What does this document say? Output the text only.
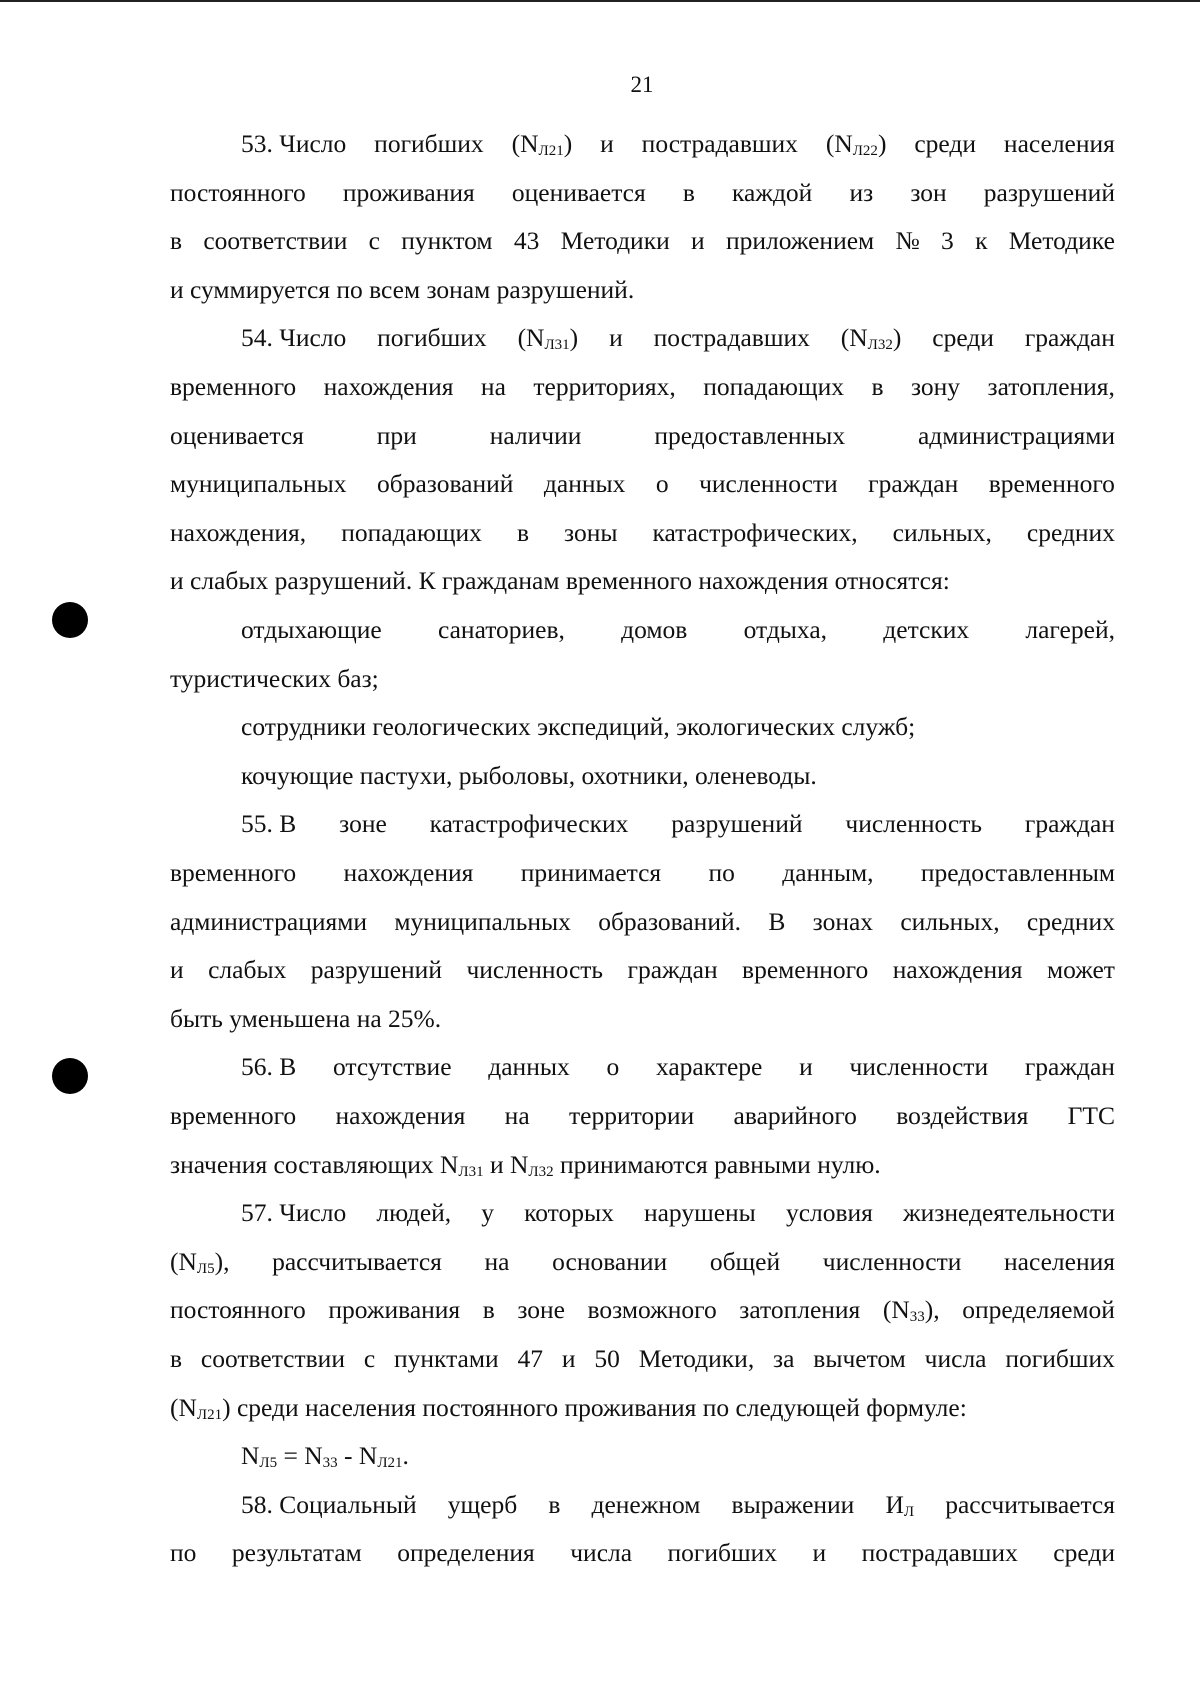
21
53. Число погибших $(N_{Л21})$ и пострадавших $(N_{Л22})$ среди населения
постоянного проживания оценивается в каждой из зон разрушений
в соответствии с пунктом 43 Методики и приложением № 3 к Методике
и суммируется по всем зонам разрушений.
54. Число погибших $(N_{Л31})$ и пострадавших $(N_{Л32})$ среди граждан
временного нахождения на территориях, попадающих в зону затопления,
оценивается	при	наличии	предоставленных	администрациями
муниципальных образований данных о численности граждан временного
нахождения, попадающих в зоны катастрофических, сильных, средних
и слабых разрушений. К гражданам временного нахождения относятся:
отдыхающие санаториев, домов отдыха, детских лагерей,
туристических баз;
сотрудники геологических экспедиций, экологических служб;
кочующие пастухи, рыболовы, охотники, оленеводы.
55. В зоне катастрофических разрушений численность граждан
временного нахождения принимается по данным, предоставленным
администрациями муниципальных образований. В зонах сильных, средних
и слабых разрушений численность граждан временного нахождения может
быть уменьшена на 25%.
56. В отсутствие данных о характере и численности граждан
временного нахождения на территории аварийного воздействия ГТС
значения составляющих $N_{Л31}$ и $N_{Л32}$ принимаются равными нулю.
57. Число людей, у которых нарушены условия жизнедеятельности
$(N_{Л5})$, рассчитывается на основании общей численности населения
постоянного проживания в зоне возможного затопления $(N_{33})$, определяемой
в соответствии с пунктами 47 и 50 Методики, за вычетом числа погибших
$(N_{Л21})$ среди населения постоянного проживания по следующей формуле:
$N_{Л5} = N_{33} - N_{Л21}$.
58. Социальный ущерб в денежном выражении $И_Л$ рассчитывается
по результатам определения числа погибших и пострадавших среди
